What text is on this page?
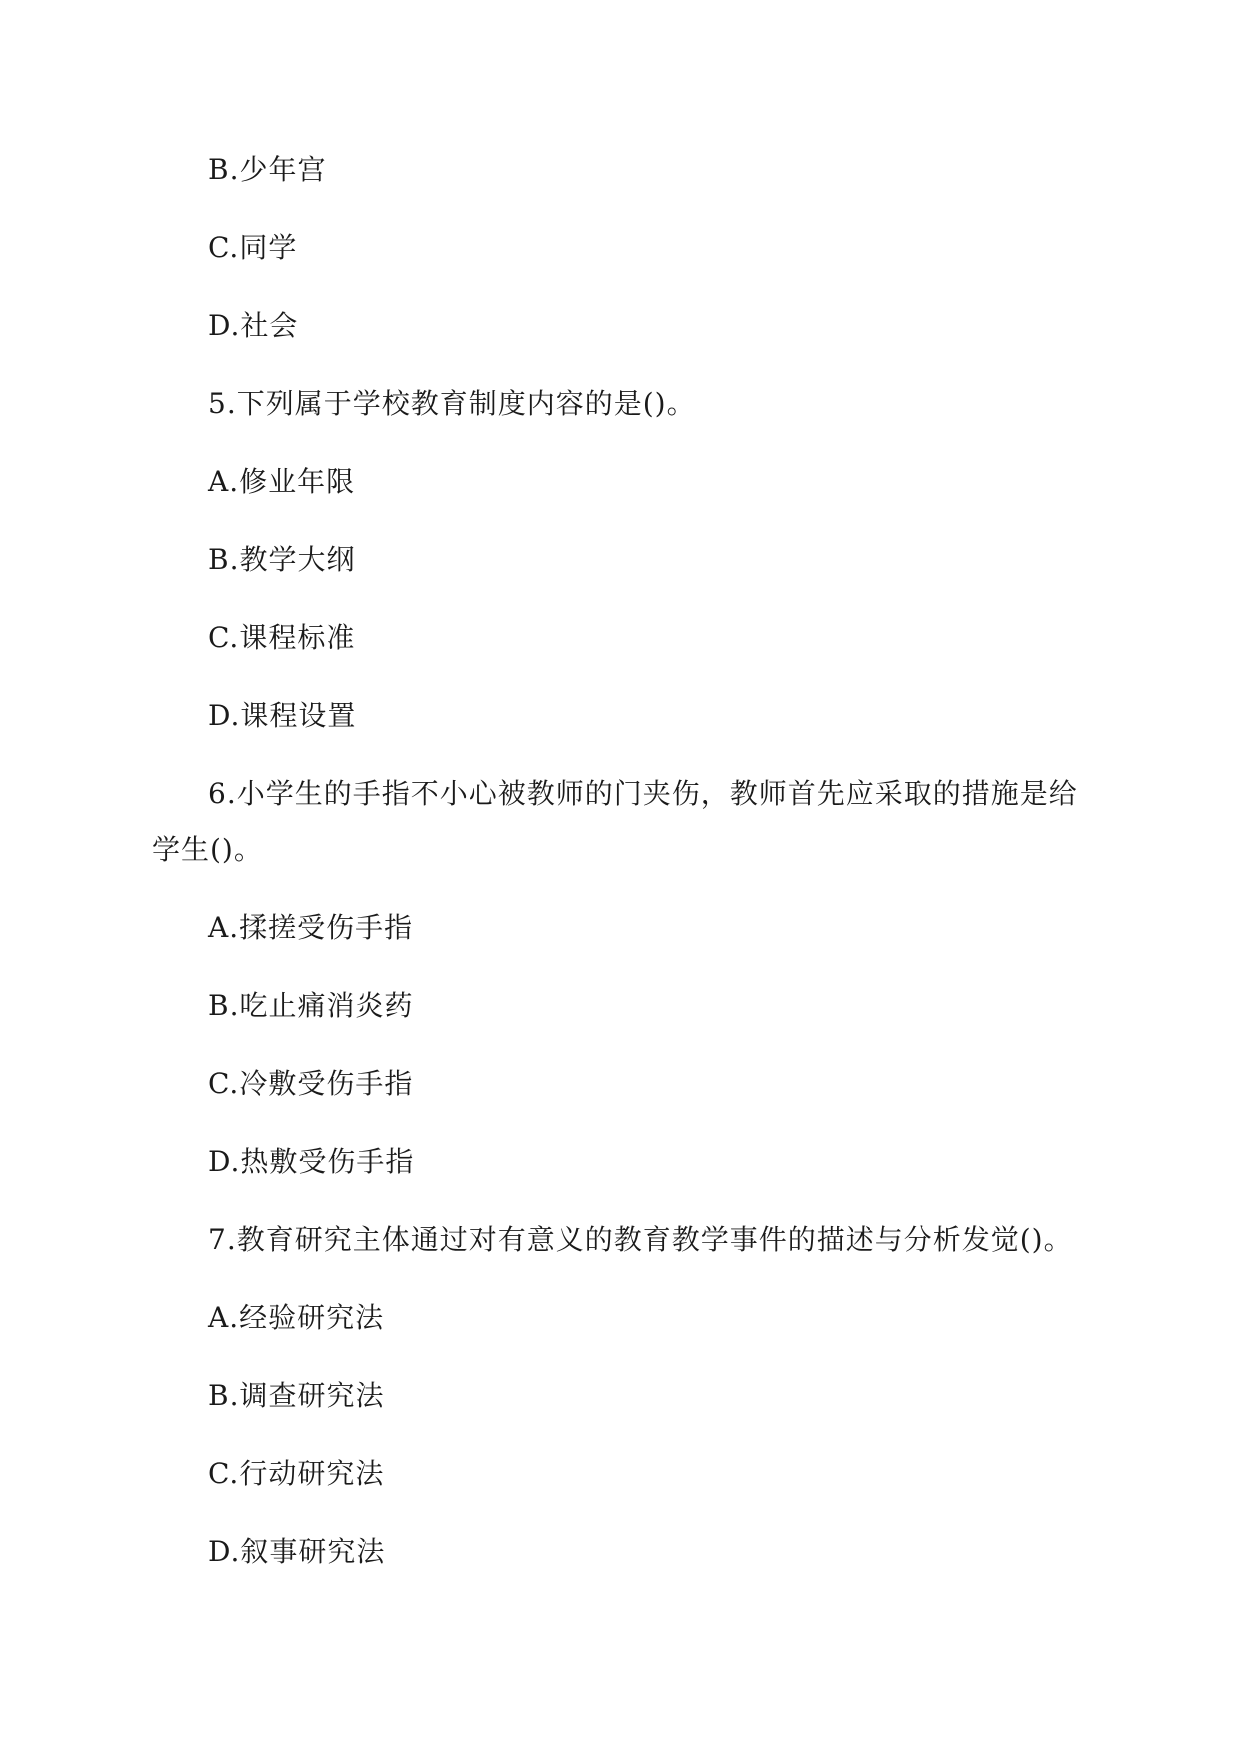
B.少年宫
C.同学
D.社会
5.下列属于学校教育制度内容的是()。
A.修业年限
B.教学大纲
C.课程标准
D.课程设置
6.小学生的手指不小心被教师的门夹伤，教师首先应采取的措施是给
学生()。
A.揉搓受伤手指
B.吃止痛消炎药
C.冷敷受伤手指
D.热敷受伤手指
7.教育研究主体通过对有意义的教育教学事件的描述与分析发觉()。
A.经验研究法
B.调查研究法
C.行动研究法
D.叙事研究法
